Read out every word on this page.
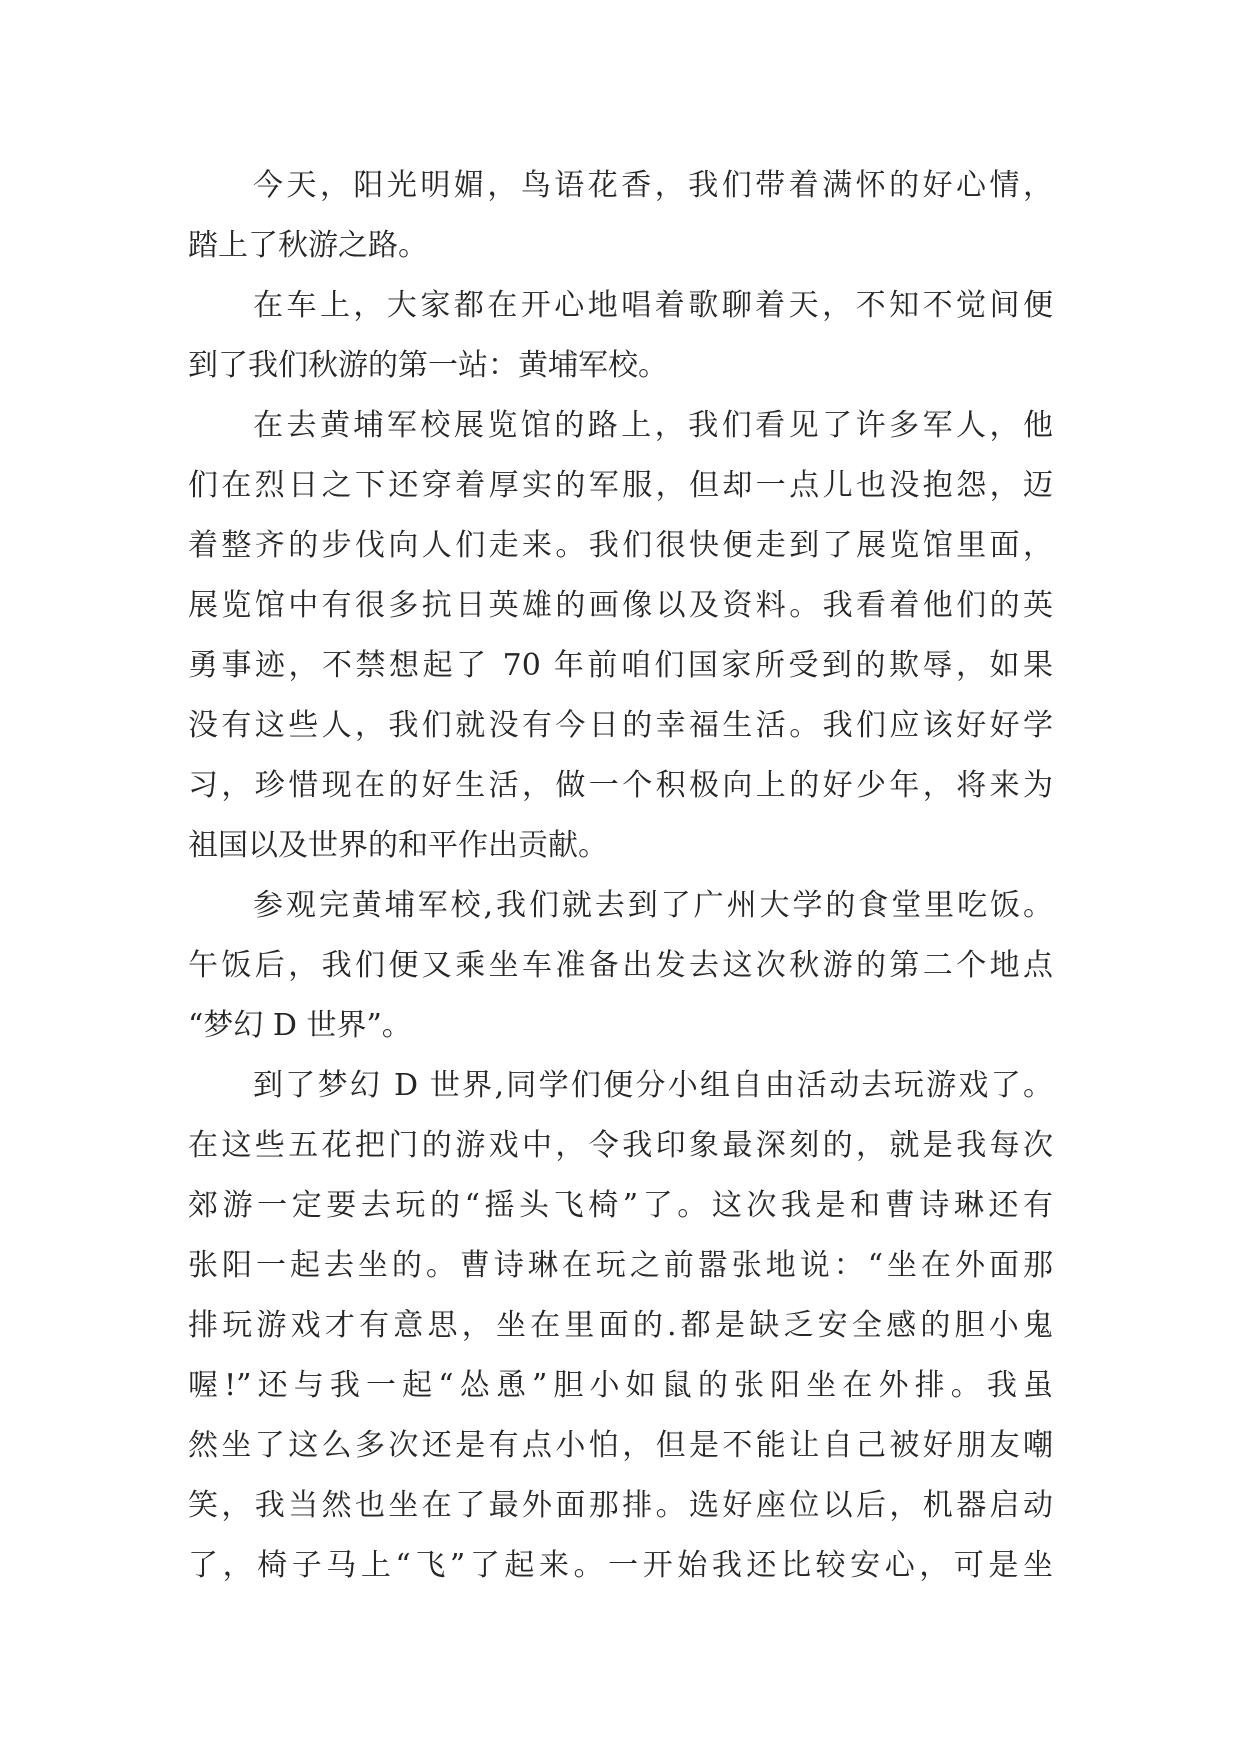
今天，阳光明媚，鸟语花香，我们带着满怀的好心情，
踏上了秋游之路。
在车上，大家都在开心地唱着歌聊着天，不知不觉间便
到了我们秋游的第一站：黄埔军校。
在去黄埔军校展览馆的路上，我们看见了许多军人，他
们在烈日之下还穿着厚实的军服，但却一点儿也没抱怨，迈
着整齐的步伐向人们走来。我们很快便走到了展览馆里面，
展览馆中有很多抗日英雄的画像以及资料。我看着他们的英
勇事迹，不禁想起了 70 年前咱们国家所受到的欺辱，如果
没有这些人，我们就没有今日的幸福生活。我们应该好好学
习，珍惜现在的好生活，做一个积极向上的好少年，将来为
祖国以及世界的和平作出贡献。
参观完黄埔军校,我们就去到了广州大学的食堂里吃饭。
午饭后，我们便又乘坐车准备出发去这次秋游的第二个地点
“梦幻 D 世界”。
到了梦幻 D 世界,同学们便分小组自由活动去玩游戏了。
在这些五花把门的游戏中，令我印象最深刻的，就是我每次
郊游一定要去玩的“摇头飞椅”了。这次我是和曹诗琳还有
张阳一起去坐的。曹诗琳在玩之前嚣张地说：“坐在外面那
排玩游戏才有意思，坐在里面的.都是缺乏安全感的胆小鬼
喔!”还与我一起“怂恿”胆小如鼠的张阳坐在外排。我虽
然坐了这么多次还是有点小怕，但是不能让自己被好朋友嘲
笑，我当然也坐在了最外面那排。选好座位以后，机器启动
了，椅子马上“飞”了起来。一开始我还比较安心，可是坐
